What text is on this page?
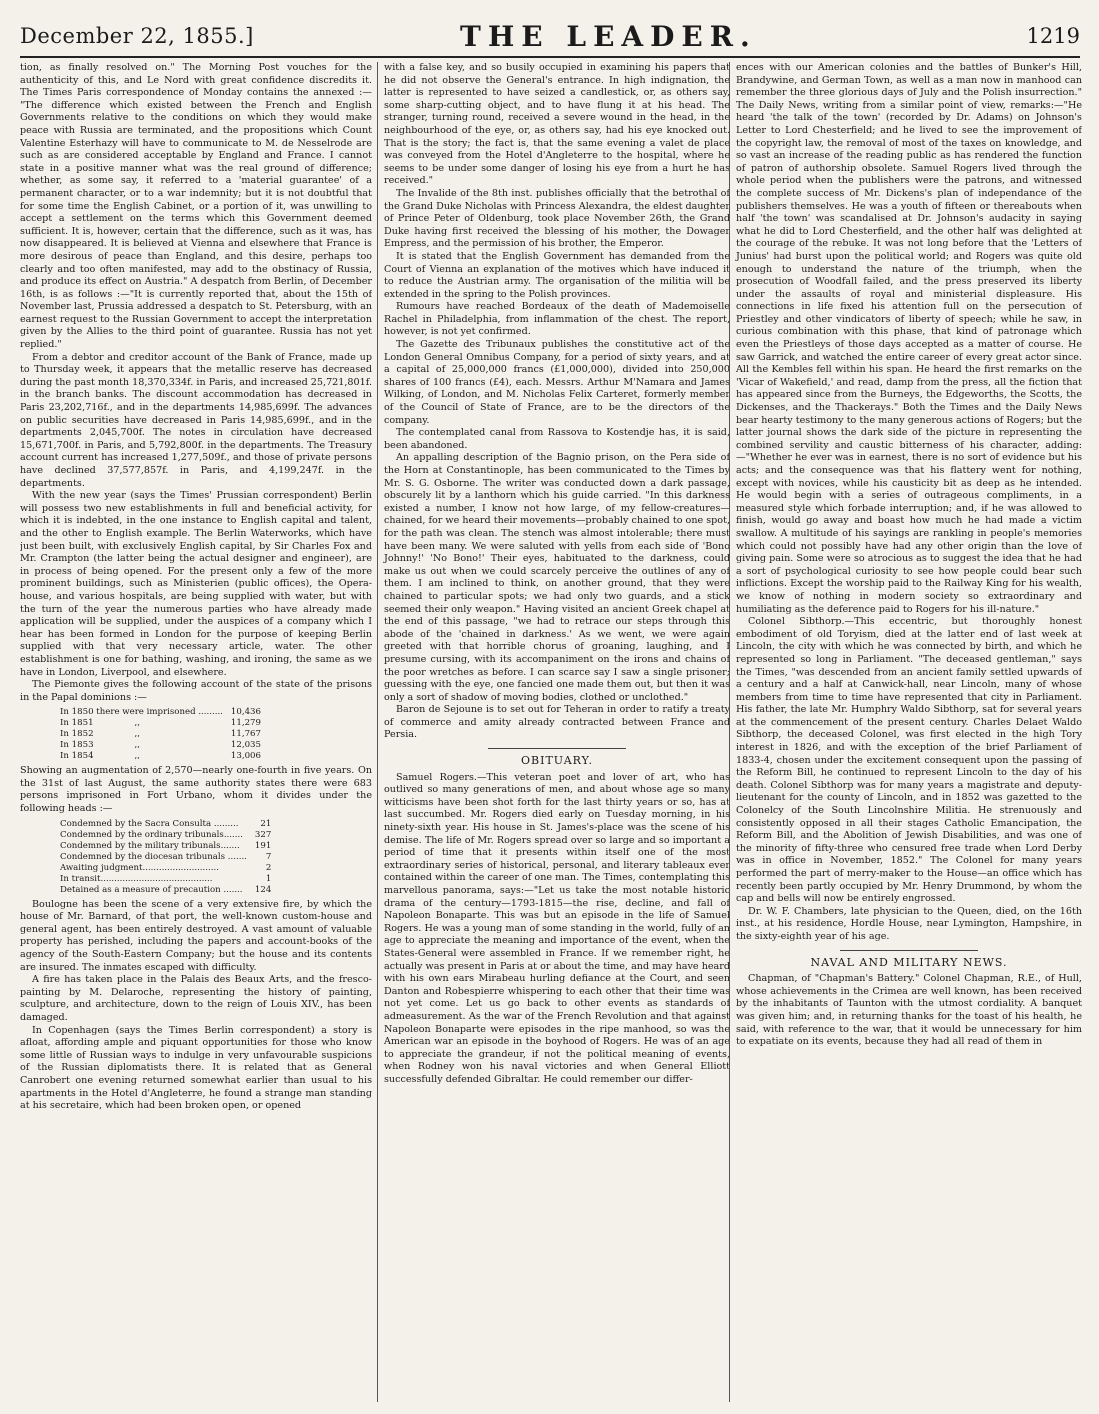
December 22, 1855.]	THE LEADER.	1219

tion, as finally resolved on." The Morning Post vouches for the authenticity of this, and Le Nord with great confidence discredits it. The Times Paris correspondence of Monday contains the annexed :— "The difference which existed between the French and English Governments relative to the conditions on which they would make peace with Russia are terminated, and the propositions which Count Valentine Esterhazy will have to communicate to M. de Nesselrode are such as are considered acceptable by England and France. I cannot state in a positive manner what was the real ground of difference; whether, as some say, it referred to a 'material guarantee' of a permanent character, or to a war indemnity; but it is not doubtful that for some time the English Cabinet, or a portion of it, was unwilling to accept a settlement on the terms which this Government deemed sufficient. It is, however, certain that the difference, such as it was, has now disappeared. It is believed at Vienna and elsewhere that France is more desirous of peace than England, and this desire, perhaps too clearly and too often manifested, may add to the obstinacy of Russia, and produce its effect on Austria." A despatch from Berlin, of December 16th, is as follows :—"It is currently reported that, about the 15th of November last, Prussia addressed a despatch to St. Petersburg, with an earnest request to the Russian Government to accept the interpretation given by the Allies to the third point of guarantee. Russia has not yet replied."

From a debtor and creditor account of the Bank of France, made up to Thursday week, it appears that the metallic reserve has decreased during the past month 18,370,334f. in Paris, and increased 25,721,801f. in the branch banks. The discount accommodation has decreased in Paris 23,202,716f., and in the departments 14,985,699f. The advances on public securities have decreased in Paris 14,985,699f., and in the departments 2,045,700f. The notes in circulation have decreased 15,671,700f. in Paris, and 5,792,800f. in the departments. The Treasury account current has increased 1,277,509f., and those of private persons have declined 37,577,857f. in Paris, and 4,199,247f. in the departments.

With the new year (says the Times' Prussian correspondent) Berlin will possess two new establishments in full and beneficial activity, for which it is indebted, in the one instance to English capital and talent, and the other to English example. The Berlin Waterworks, which have just been built, with exclusively English capital, by Sir Charles Fox and Mr. Crampton (the latter being the actual designer and engineer), are in process of being opened. For the present only a few of the more prominent buildings, such as Ministerien (public offices), the Opera-house, and various hospitals, are being supplied with water, but with the turn of the year the numerous parties who have already made application will be supplied, under the auspices of a company which I hear has been formed in London for the purpose of keeping Berlin supplied with that very necessary article, water. The other establishment is one for bathing, washing, and ironing, the same as we have in London, Liverpool, and elsewhere.

The Piemonte gives the following account of the state of the prisons in the Papal dominions :—

In 1850 there were imprisoned .........	10,436
In 1851               ,,	11,279
In 1852               ,,	11,767
In 1853               ,,	12,035
In 1854               ,,	13,006

Showing an augmentation of 2,570—nearly one-fourth in five years. On the 31st of last August, the same authority states there were 683 persons imprisoned in Fort Urbano, whom it divides under the following heads :—

Condemned by the Sacra Consulta .........	21
Condemned by the ordinary tribunals.......	327
Condemned by the military tribunals.......	191
Condemned by the diocesan tribunals .......	7
Awaiting judgment............................	2
In transit.........................................	1
Detained as a measure of precaution .......	124

Boulogne has been the scene of a very extensive fire, by which the house of Mr. Barnard, of that port, the well-known custom-house and general agent, has been entirely destroyed. A vast amount of valuable property has perished, including the papers and account-books of the agency of the South-Eastern Company; but the house and its contents are insured. The inmates escaped with difficulty.

A fire has taken place in the Palais des Beaux Arts, and the fresco-painting by M. Delaroche, representing the history of painting, sculpture, and architecture, down to the reign of Louis XIV., has been damaged.

In Copenhagen (says the Times Berlin correspondent) a story is afloat, affording ample and piquant opportunities for those who know some little of Russian ways to indulge in very unfavourable suspicions of the Russian diplomatists there. It is related that as General Canrobert one evening returned somewhat earlier than usual to his apartments in the Hotel d'Angleterre, he found a strange man standing at his secretaire, which had been broken open, or opened

with a false key, and so busily occupied in examining his papers that he did not observe the General's entrance. In high indignation, the latter is represented to have seized a candlestick, or, as others say, some sharp-cutting object, and to have flung it at his head. The stranger, turning round, received a severe wound in the head, in the neighbourhood of the eye, or, as others say, had his eye knocked out. That is the story; the fact is, that the same evening a valet de place was conveyed from the Hotel d'Angleterre to the hospital, where he seems to be under some danger of losing his eye from a hurt he has received."

The Invalide of the 8th inst. publishes officially that the betrothal of the Grand Duke Nicholas with Princess Alexandra, the eldest daughter of Prince Peter of Oldenburg, took place November 26th, the Grand Duke having first received the blessing of his mother, the Dowager Empress, and the permission of his brother, the Emperor.

It is stated that the English Government has demanded from the Court of Vienna an explanation of the motives which have induced it to reduce the Austrian army. The organisation of the militia will be extended in the spring to the Polish provinces.

Rumours have reached Bordeaux of the death of Mademoiselle Rachel in Philadelphia, from inflammation of the chest. The report, however, is not yet confirmed.

The Gazette des Tribunaux publishes the constitutive act of the London General Omnibus Company, for a period of sixty years, and at a capital of 25,000,000 francs (£1,000,000), divided into 250,000 shares of 100 francs (£4), each. Messrs. Arthur M'Namara and James Wilking, of London, and M. Nicholas Felix Carteret, formerly member of the Council of State of France, are to be the directors of the company.

The contemplated canal from Rassova to Kostendje has, it is said, been abandoned.

An appalling description of the Bagnio prison, on the Pera side of the Horn at Constantinople, has been communicated to the Times by Mr. S. G. Osborne. The writer was conducted down a dark passage, obscurely lit by a lanthorn which his guide carried. "In this darkness existed a number, I know not how large, of my fellow-creatures—chained, for we heard their movements—probably chained to one spot, for the path was clean. The stench was almost intolerable; there must have been many. We were saluted with yells from each side of 'Bono Johnny!' 'No Bono!' Their eyes, habituated to the darkness, could make us out when we could scarcely perceive the outlines of any of them. I am inclined to think, on another ground, that they were chained to particular spots; we had only two guards, and a stick seemed their only weapon." Having visited an ancient Greek chapel at the end of this passage, "we had to retrace our steps through this abode of the 'chained in darkness.' As we went, we were again greeted with that horrible chorus of groaning, laughing, and I presume cursing, with its accompaniment on the irons and chains of the poor wretches as before. I can scarce say I saw a single prisoner; guessing with the eye, one fancied one made them out, but then it was only a sort of shadow of moving bodies, clothed or unclothed."

Baron de Sejoune is to set out for Teheran in order to ratify a treaty of commerce and amity already contracted between France and Persia.

OBITUARY.

Samuel Rogers.—This veteran poet and lover of art, who has outlived so many generations of men, and about whose age so many witticisms have been shot forth for the last thirty years or so, has at last succumbed. Mr. Rogers died early on Tuesday morning, in his ninety-sixth year. His house in St. James's-place was the scene of his demise. The life of Mr. Rogers spread over so large and so important a period of time that it presents within itself one of the most extraordinary series of historical, personal, and literary tableaux ever contained within the career of one man. The Times, contemplating this marvellous panorama, says:—"Let us take the most notable historic drama of the century—1793-1815—the rise, decline, and fall of Napoleon Bonaparte. This was but an episode in the life of Samuel Rogers. He was a young man of some standing in the world, fully of an age to appreciate the meaning and importance of the event, when the States-General were assembled in France. If we remember right, he actually was present in Paris at or about the time, and may have heard with his own ears Mirabeau hurling defiance at the Court, and seen Danton and Robespierre whispering to each other that their time was not yet come. Let us go back to other events as standards of admeasurement. As the war of the French Revolution and that against Napoleon Bonaparte were episodes in the ripe manhood, so was the American war an episode in the boyhood of Rogers. He was of an age to appreciate the grandeur, if not the political meaning of events, when Rodney won his naval victories and when General Elliott successfully defended Gibraltar. He could remember our differ-

ences with our American colonies and the battles of Bunker's Hill, Brandywine, and German Town, as well as a man now in manhood can remember the three glorious days of July and the Polish insurrection." The Daily News, writing from a similar point of view, remarks:—"He heard 'the talk of the town' (recorded by Dr. Adams) on Johnson's Letter to Lord Chesterfield; and he lived to see the improvement of the copyright law, the removal of most of the taxes on knowledge, and so vast an increase of the reading public as has rendered the function of patron of authorship obsolete. Samuel Rogers lived through the whole period when the publishers were the patrons, and witnessed the complete success of Mr. Dickens's plan of independance of the publishers themselves. He was a youth of fifteen or thereabouts when half 'the town' was scandalised at Dr. Johnson's audacity in saying what he did to Lord Chesterfield, and the other half was delighted at the courage of the rebuke. It was not long before that the 'Letters of Junius' had burst upon the political world; and Rogers was quite old enough to understand the nature of the triumph, when the prosecution of Woodfall failed, and the press preserved its liberty under the assaults of royal and ministerial displeasure. His connections in life fixed his attention full on the persecution of Priestley and other vindicators of liberty of speech; while he saw, in curious combination with this phase, that kind of patronage which even the Priestleys of those days accepted as a matter of course. He saw Garrick, and watched the entire career of every great actor since. All the Kembles fell within his span. He heard the first remarks on the 'Vicar of Wakefield,' and read, damp from the press, all the fiction that has appeared since from the Burneys, the Edgeworths, the Scotts, the Dickenses, and the Thackerays." Both the Times and the Daily News bear hearty testimony to the many generous actions of Rogers; but the latter journal shows the dark side of the picture in representing the combined servility and caustic bitterness of his character, adding:—"Whether he ever was in earnest, there is no sort of evidence but his acts; and the consequence was that his flattery went for nothing, except with novices, while his causticity bit as deep as he intended. He would begin with a series of outrageous compliments, in a measured style which forbade interruption; and, if he was allowed to finish, would go away and boast how much he had made a victim swallow. A multitude of his sayings are rankling in people's memories which could not possibly have had any other origin than the love of giving pain. Some were so atrocious as to suggest the idea that he had a sort of psychological curiosity to see how people could bear such inflictions. Except the worship paid to the Railway King for his wealth, we know of nothing in modern society so extraordinary and humiliating as the deference paid to Rogers for his ill-nature."

Colonel Sibthorp.—This eccentric, but thoroughly honest embodiment of old Toryism, died at the latter end of last week at Lincoln, the city with which he was connected by birth, and which he represented so long in Parliament. "The deceased gentleman," says the Times, "was descended from an ancient family settled upwards of a century and a half at Canwick-hall, near Lincoln, many of whose members from time to time have represented that city in Parliament. His father, the late Mr. Humphry Waldo Sibthorp, sat for several years at the commencement of the present century. Charles Delaet Waldo Sibthorp, the deceased Colonel, was first elected in the high Tory interest in 1826, and with the exception of the brief Parliament of 1833-4, chosen under the excitement consequent upon the passing of the Reform Bill, he continued to represent Lincoln to the day of his death. Colonel Sibthorp was for many years a magistrate and deputy-lieutenant for the county of Lincoln, and in 1852 was gazetted to the Colonelcy of the South Lincolnshire Militia. He strenuously and consistently opposed in all their stages Catholic Emancipation, the Reform Bill, and the Abolition of Jewish Disabilities, and was one of the minority of fifty-three who censured free trade when Lord Derby was in office in November, 1852." The Colonel for many years performed the part of merry-maker to the House—an office which has recently been partly occupied by Mr. Henry Drummond, by whom the cap and bells will now be entirely engrossed.

Dr. W. F. Chambers, late physician to the Queen, died, on the 16th inst., at his residence, Hordle House, near Lymington, Hampshire, in the sixty-eighth year of his age.

NAVAL AND MILITARY NEWS.

Chapman, of "Chapman's Battery." Colonel Chapman, R.E., of Hull, whose achievements in the Crimea are well known, has been received by the inhabitants of Taunton with the utmost cordiality. A banquet was given him; and, in returning thanks for the toast of his health, he said, with reference to the war, that it would be unnecessary for him to expatiate on its events, because they had all read of them in
